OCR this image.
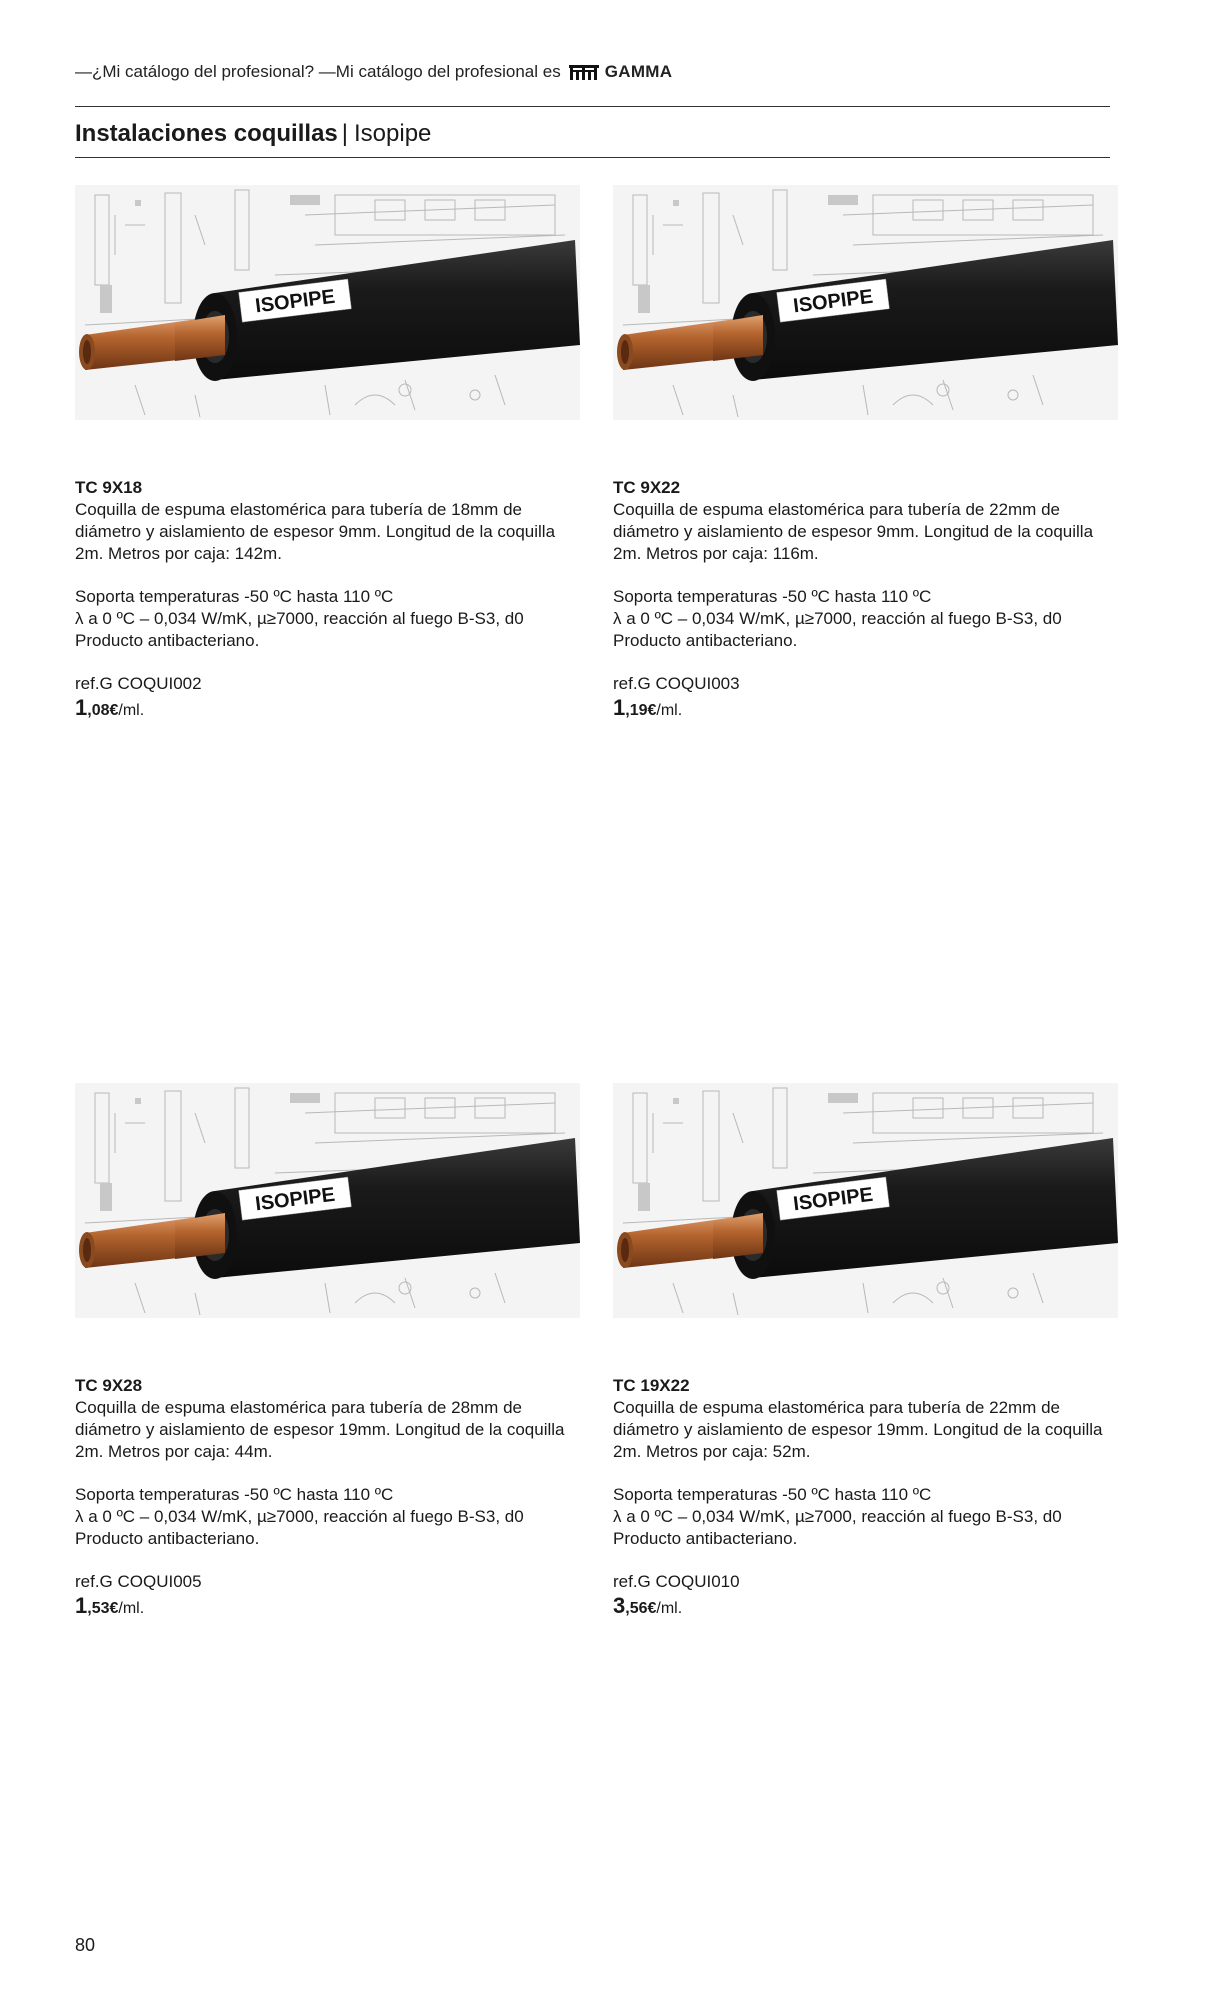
—¿Mi catálogo del profesional? —Mi catálogo del profesional es	GAMMA
Instalaciones coquillas | Isopipe
ISOPIPE
TC 9X18

Coquilla de espuma elastomérica para tubería de 18mm de diámetro y aislamiento de espesor 9mm. Longitud de la coquilla 2m. Metros por caja: 142m.

Soporta temperaturas -50 ºC hasta 110 ºC
λ a 0 ºC – 0,034 W/mK, µ≥7000, reacción al fuego B-S3, d0
Producto antibacteriano.
ref.G COQUI002
1,08€/ml.
ISOPIPE
TC 9X22

Coquilla de espuma elastomérica para tubería de 22mm de diámetro y aislamiento de espesor 9mm. Longitud de la coquilla 2m. Metros por caja: 116m.

Soporta temperaturas -50 ºC hasta 110 ºC
λ a 0 ºC – 0,034 W/mK, µ≥7000, reacción al fuego B-S3, d0
Producto antibacteriano.
ref.G COQUI003
1,19€/ml.
ISOPIPE
TC 9X28

Coquilla de espuma elastomérica para tubería de 28mm de diámetro y aislamiento de espesor 19mm. Longitud de la coquilla 2m. Metros por caja: 44m.

Soporta temperaturas -50 ºC hasta 110 ºC
λ a 0 ºC – 0,034 W/mK, µ≥7000, reacción al fuego B-S3, d0
Producto antibacteriano.
ref.G COQUI005
1,53€/ml.
ISOPIPE
TC 19X22

Coquilla de espuma elastomérica para tubería de 22mm de diámetro y aislamiento de espesor 19mm. Longitud de la coquilla 2m. Metros por caja: 52m.

Soporta temperaturas -50 ºC hasta 110 ºC
λ a 0 ºC – 0,034 W/mK, µ≥7000, reacción al fuego B-S3, d0
Producto antibacteriano.
ref.G COQUI010
3,56€/ml.
80
